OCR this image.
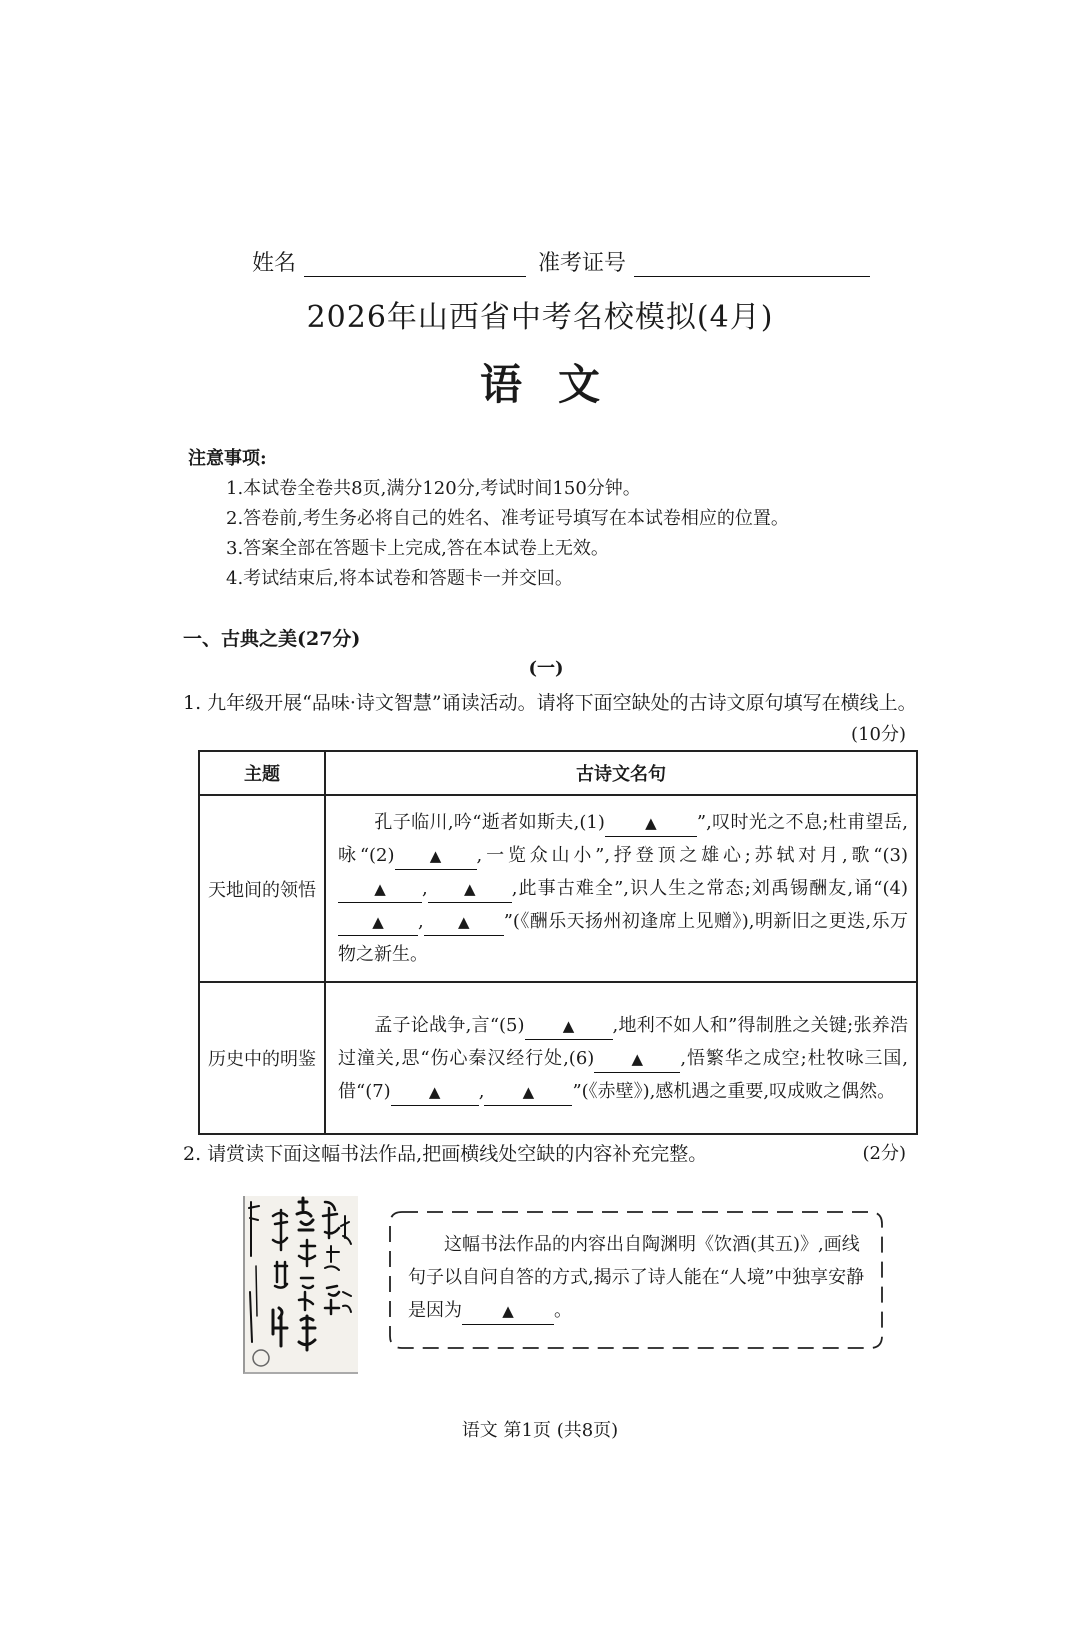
姓名	准考证号
2026年山西省中考名校模拟(4月)
语文
注意事项:
1.本试卷全卷共8页,满分120分,考试时间150分钟。
2.答卷前,考生务必将自己的姓名、准考证号填写在本试卷相应的位置。
3.答案全部在答题卡上完成,答在本试卷上无效。
4.考试结束后,将本试卷和答题卡一并交回。
一、古典之美(27分)
(一)
1. 九年级开展“品味·诗文智慧”诵读活动。请将下面空缺处的古诗文原句填写在横线上。
(10分)
主题	古诗文名句
天地间的领悟	孔子临川,吟“逝者如斯夫,(1) ▲ ”,叹时光之不息;杜甫望岳,咏“(2) ▲ ,一览众山小”,抒登顶之雄心;苏轼对月,歌“(3)▲ , ▲ ,此事古难全”,识人生之常态;刘禹锡酬友,诵“(4)▲ , ▲ ”(《酬乐天扬州初逢席上见赠》),明新旧之更迭,乐万物之新生。
历史中的明鉴	孟子论战争,言“(5) ▲ ,地利不如人和”得制胜之关键;张养浩过潼关,思“伤心秦汉经行处,(6) ▲ ,悟繁华之成空;杜牧咏三国,借“(7) ▲ , ▲ ”(《赤壁》),感机遇之重要,叹成败之偶然。
2. 请赏读下面这幅书法作品,把画横线处空缺的内容补充完整。	(2分)
这幅书法作品的内容出自陶渊明《饮酒(其五)》,画线句子以自问自答的方式,揭示了诗人能在“人境”中独享安静是因为	▲ 。
语文 第1页 (共8页)
